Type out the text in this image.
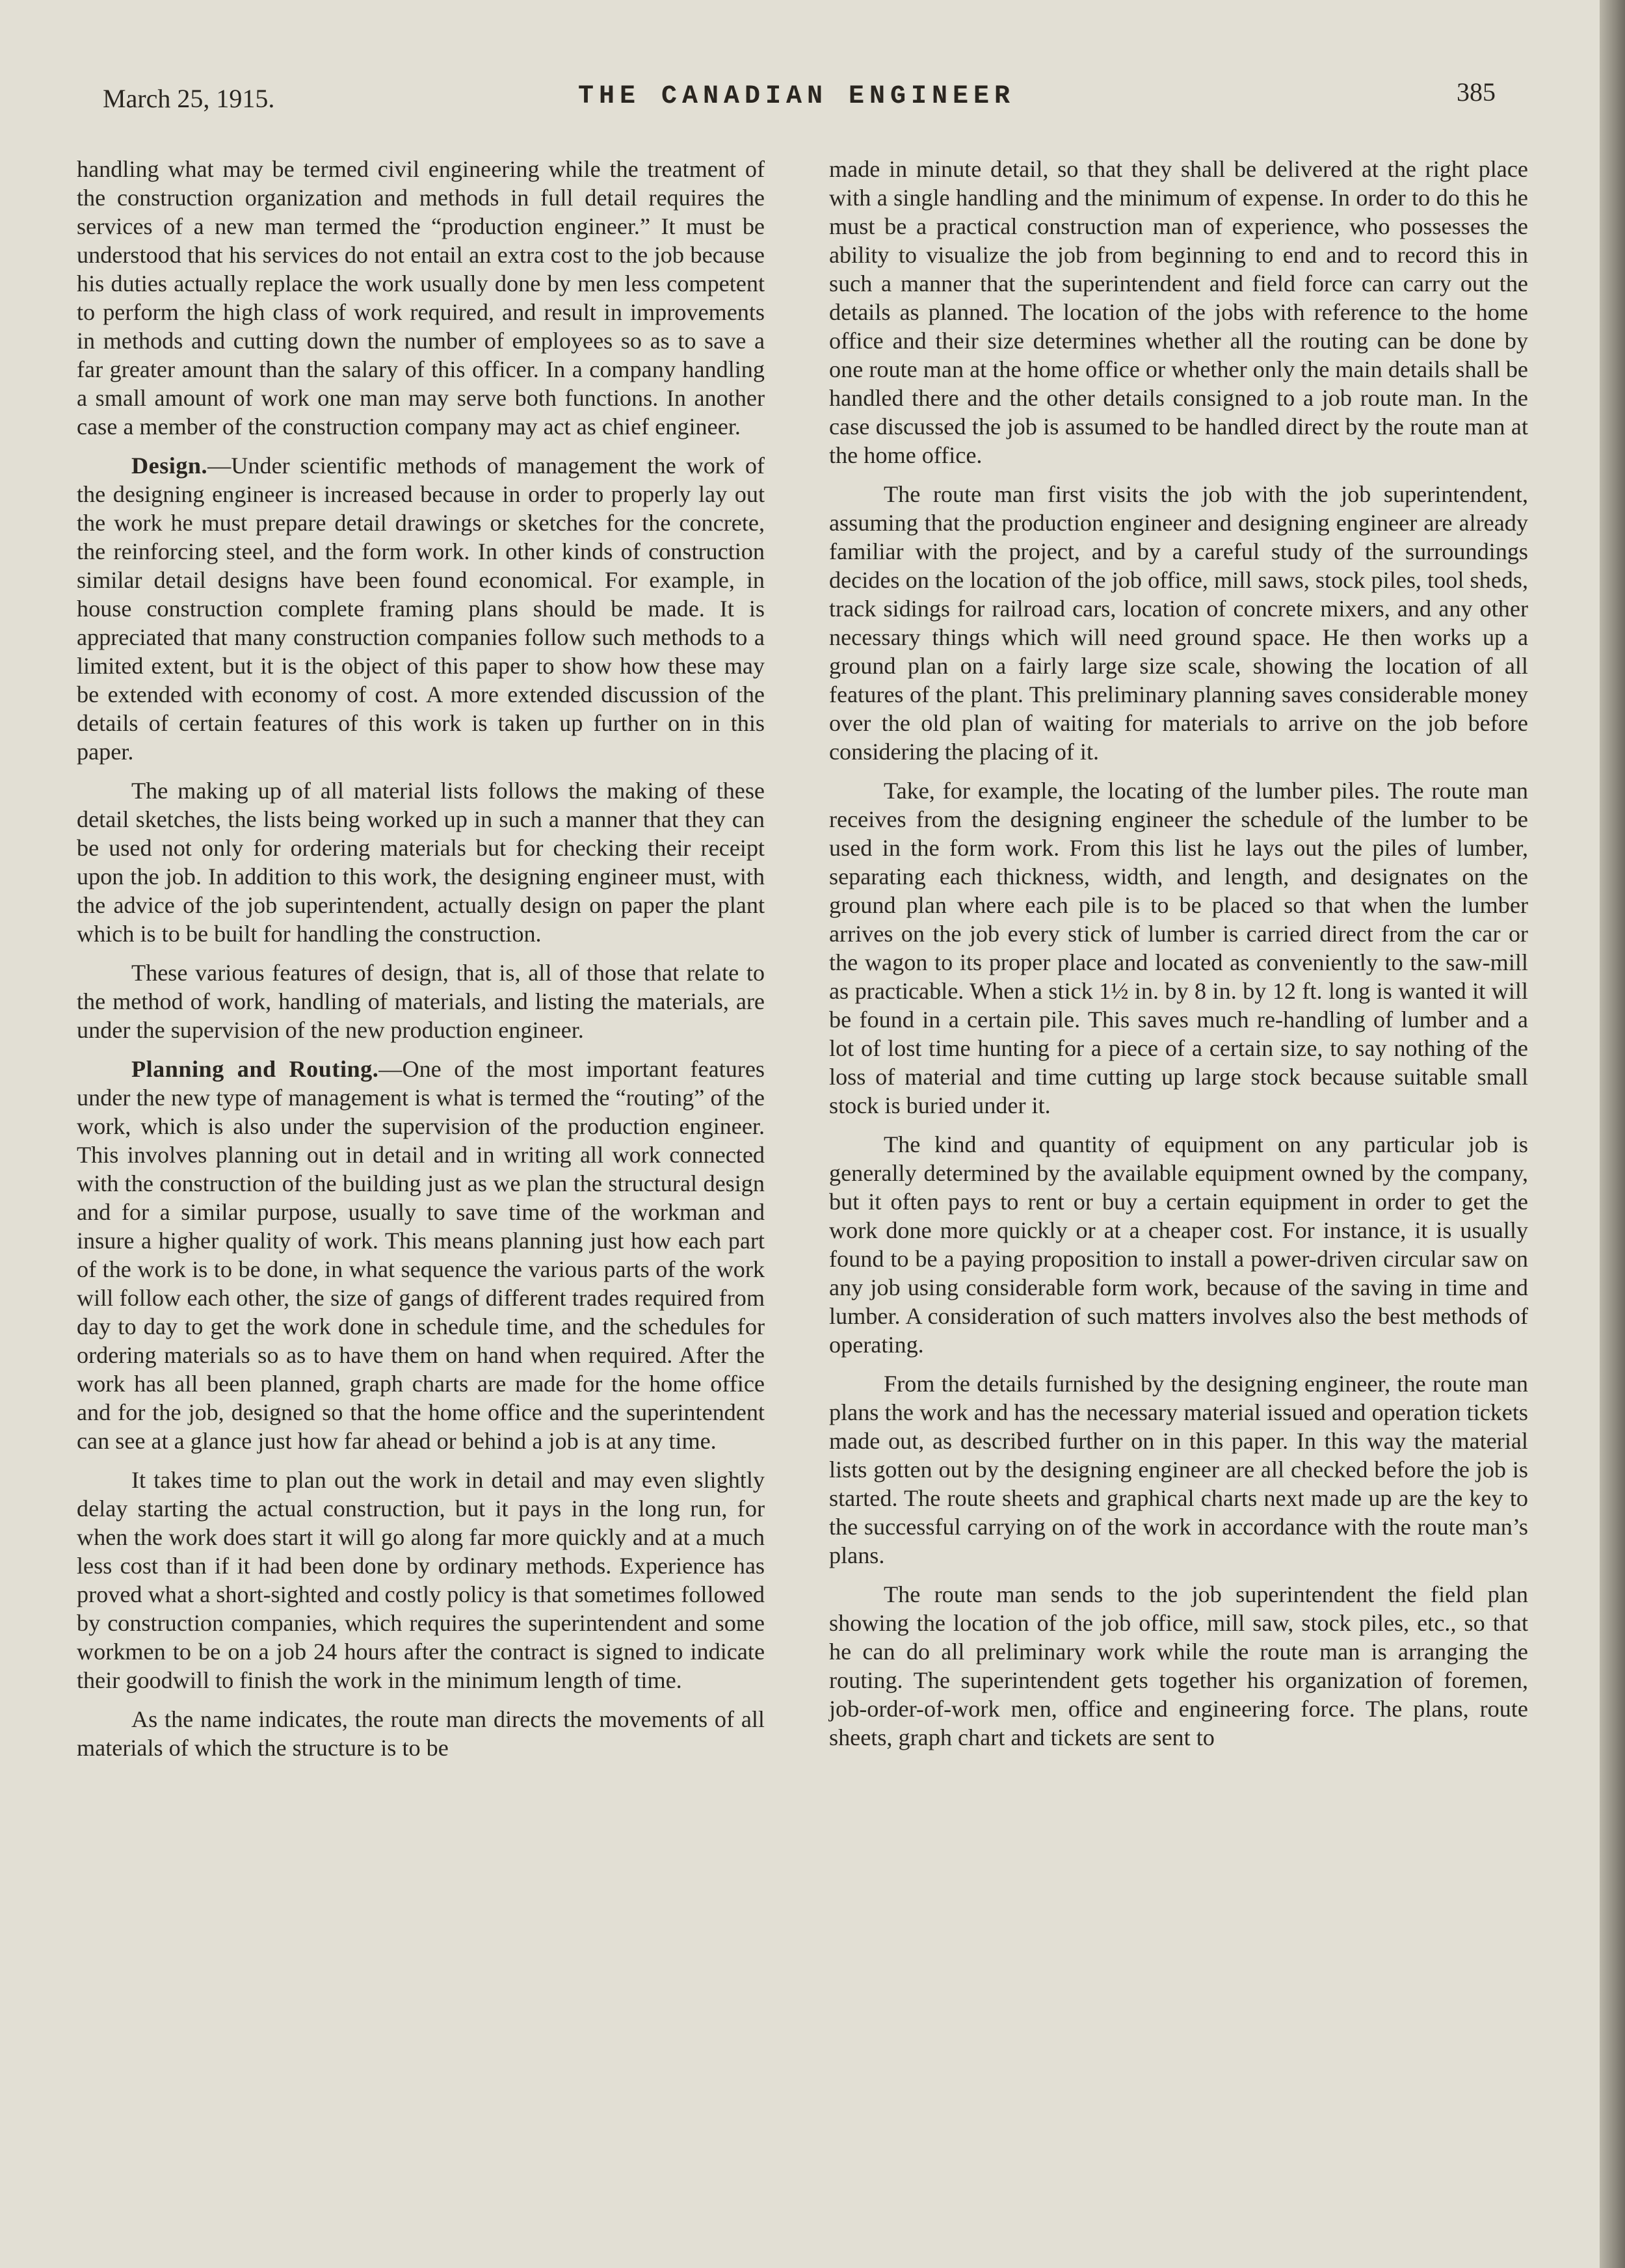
March 25, 1915.	THE CANADIAN ENGINEER	385

handling what may be termed civil engineering while the treatment of the construction organization and methods in full detail requires the services of a new man termed the “production engineer.” It must be understood that his services do not entail an extra cost to the job because his duties actually replace the work usually done by men less competent to perform the high class of work required, and result in improvements in methods and cutting down the number of employees so as to save a far greater amount than the salary of this officer. In a company handling a small amount of work one man may serve both functions. In another case a member of the construction company may act as chief engineer.

Design.—Under scientific methods of management the work of the designing engineer is increased because in order to properly lay out the work he must prepare detail drawings or sketches for the concrete, the reinforcing steel, and the form work. In other kinds of construction similar detail designs have been found economical. For example, in house construction complete framing plans should be made. It is appreciated that many construction companies follow such methods to a limited extent, but it is the object of this paper to show how these may be extended with economy of cost. A more extended discussion of the details of certain features of this work is taken up further on in this paper.

The making up of all material lists follows the making of these detail sketches, the lists being worked up in such a manner that they can be used not only for ordering materials but for checking their receipt upon the job. In addition to this work, the designing engineer must, with the advice of the job superintendent, actually design on paper the plant which is to be built for handling the construction.

These various features of design, that is, all of those that relate to the method of work, handling of materials, and listing the materials, are under the supervision of the new production engineer.

Planning and Routing.—One of the most important features under the new type of management is what is termed the “routing” of the work, which is also under the supervision of the production engineer. This involves planning out in detail and in writing all work connected with the construction of the building just as we plan the structural design and for a similar purpose, usually to save time of the workman and insure a higher quality of work. This means planning just how each part of the work is to be done, in what sequence the various parts of the work will follow each other, the size of gangs of different trades required from day to day to get the work done in schedule time, and the schedules for ordering materials so as to have them on hand when required. After the work has all been planned, graph charts are made for the home office and for the job, designed so that the home office and the superintendent can see at a glance just how far ahead or behind a job is at any time.

It takes time to plan out the work in detail and may even slightly delay starting the actual construction, but it pays in the long run, for when the work does start it will go along far more quickly and at a much less cost than if it had been done by ordinary methods. Experience has proved what a short-sighted and costly policy is that sometimes followed by construction companies, which requires the superintendent and some workmen to be on a job 24 hours after the contract is signed to indicate their goodwill to finish the work in the minimum length of time.

As the name indicates, the route man directs the movements of all materials of which the structure is to be

made in minute detail, so that they shall be delivered at the right place with a single handling and the minimum of expense. In order to do this he must be a practical construction man of experience, who possesses the ability to visualize the job from beginning to end and to record this in such a manner that the superintendent and field force can carry out the details as planned. The location of the jobs with reference to the home office and their size determines whether all the routing can be done by one route man at the home office or whether only the main details shall be handled there and the other details consigned to a job route man. In the case discussed the job is assumed to be handled direct by the route man at the home office.

The route man first visits the job with the job superintendent, assuming that the production engineer and designing engineer are already familiar with the project, and by a careful study of the surroundings decides on the location of the job office, mill saws, stock piles, tool sheds, track sidings for railroad cars, location of concrete mixers, and any other necessary things which will need ground space. He then works up a ground plan on a fairly large size scale, showing the location of all features of the plant. This preliminary planning saves considerable money over the old plan of waiting for materials to arrive on the job before considering the placing of it.

Take, for example, the locating of the lumber piles. The route man receives from the designing engineer the schedule of the lumber to be used in the form work. From this list he lays out the piles of lumber, separating each thickness, width, and length, and designates on the ground plan where each pile is to be placed so that when the lumber arrives on the job every stick of lumber is carried direct from the car or the wagon to its proper place and located as conveniently to the saw-mill as practicable. When a stick 1½ in. by 8 in. by 12 ft. long is wanted it will be found in a certain pile. This saves much re-handling of lumber and a lot of lost time hunting for a piece of a certain size, to say nothing of the loss of material and time cutting up large stock because suitable small stock is buried under it.

The kind and quantity of equipment on any particular job is generally determined by the available equipment owned by the company, but it often pays to rent or buy a certain equipment in order to get the work done more quickly or at a cheaper cost. For instance, it is usually found to be a paying proposition to install a power-driven circular saw on any job using considerable form work, because of the saving in time and lumber. A consideration of such matters involves also the best methods of operating.

From the details furnished by the designing engineer, the route man plans the work and has the necessary material issued and operation tickets made out, as described further on in this paper. In this way the material lists gotten out by the designing engineer are all checked before the job is started. The route sheets and graphical charts next made up are the key to the successful carrying on of the work in accordance with the route man’s plans.

The route man sends to the job superintendent the field plan showing the location of the job office, mill saw, stock piles, etc., so that he can do all preliminary work while the route man is arranging the routing. The superintendent gets together his organization of foremen, job-order-of-work men, office and engineering force. The plans, route sheets, graph chart and tickets are sent to
